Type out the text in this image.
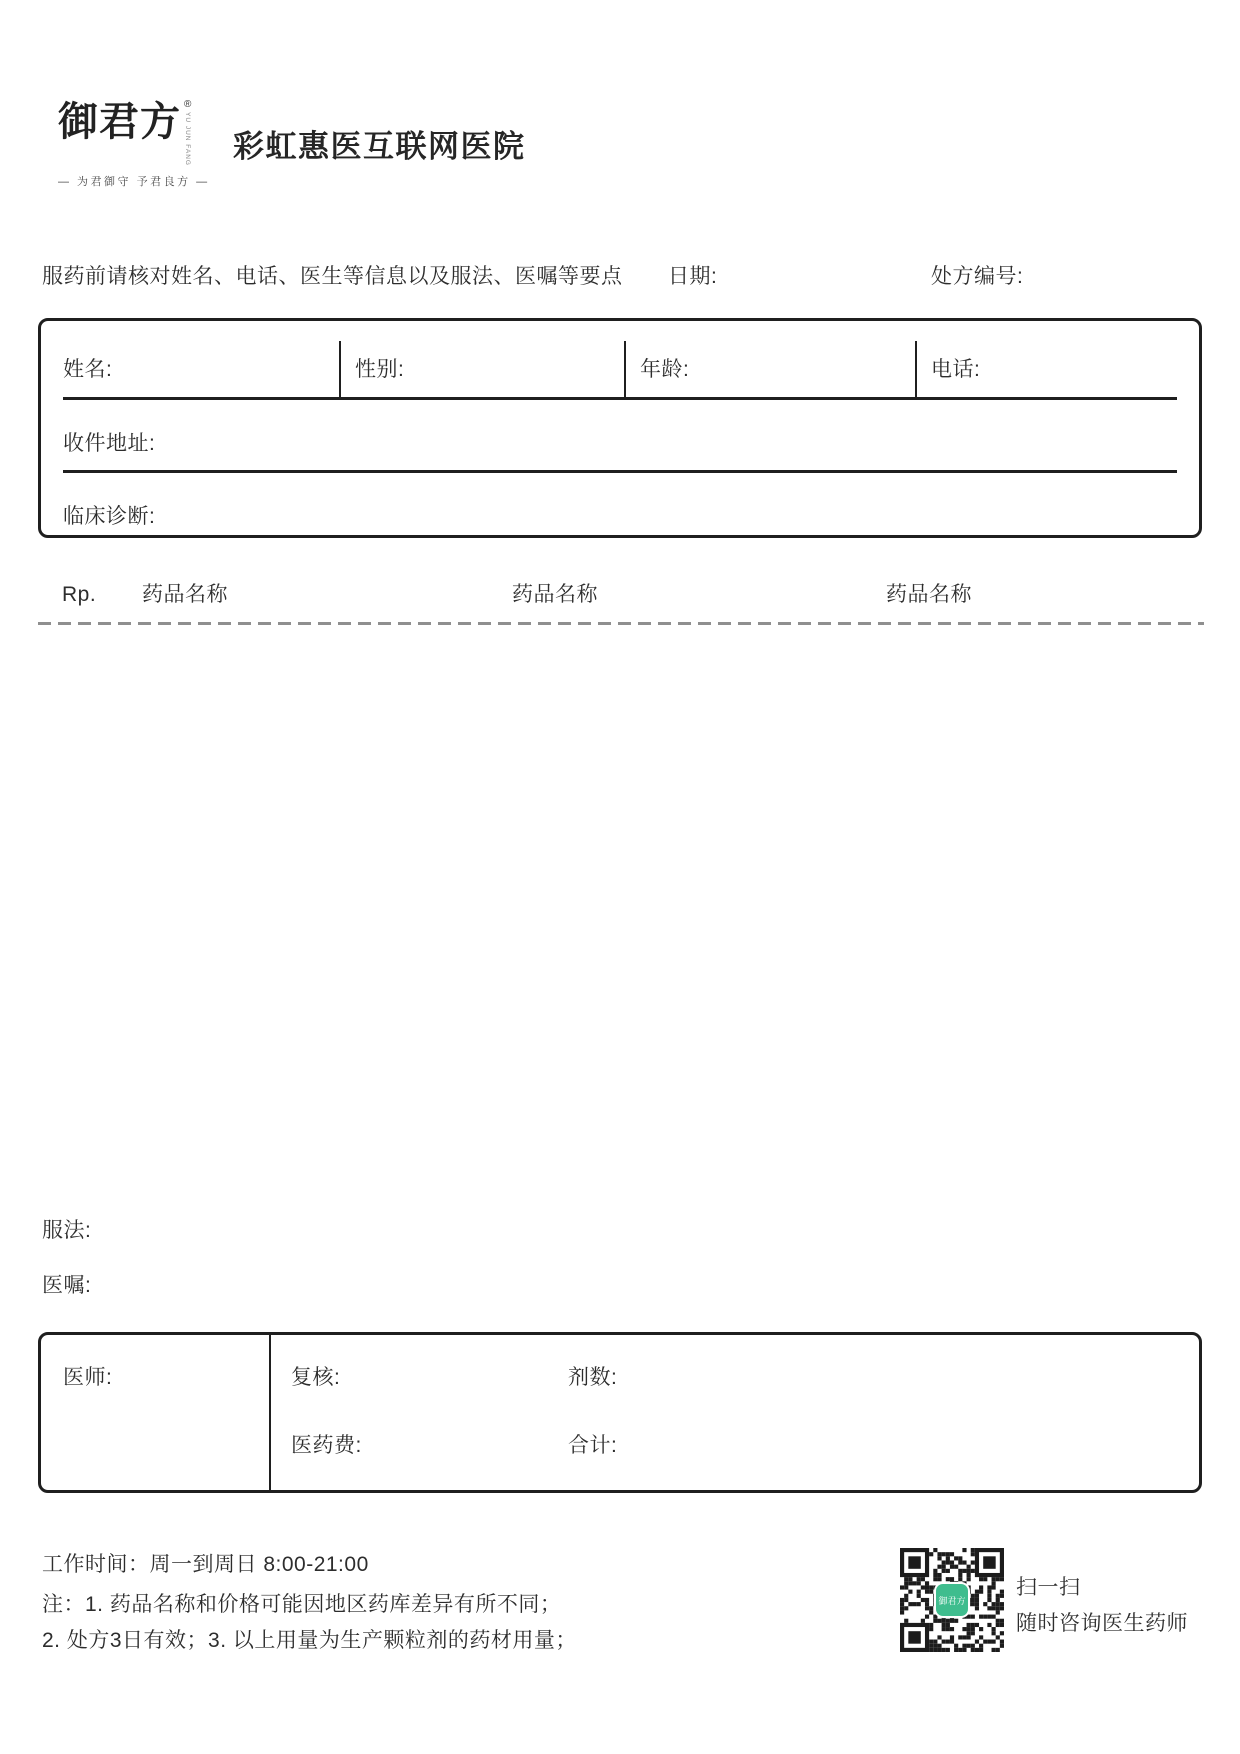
御君方 ®
YU JUN FANG
— 为君御守 予君良方 —
彩虹惠医互联网医院
服药前请核对姓名、电话、医生等信息以及服法、医嘱等要点 日期:	处方编号:
姓名:	性别:	年龄:	电话:
收件地址:
临床诊断:
Rp. 药品名称	药品名称	药品名称
服法:
医嘱:
医师:	复核:	剂数:
医药费:	合计:
工作时间：周一到周日 8:00-21:00
注：1. 药品名称和价格可能因地区药库差异有所不同；
2. 处方3日有效；3. 以上用量为生产颗粒剂的药材用量；
御君方
扫一扫
随时咨询医生药师
